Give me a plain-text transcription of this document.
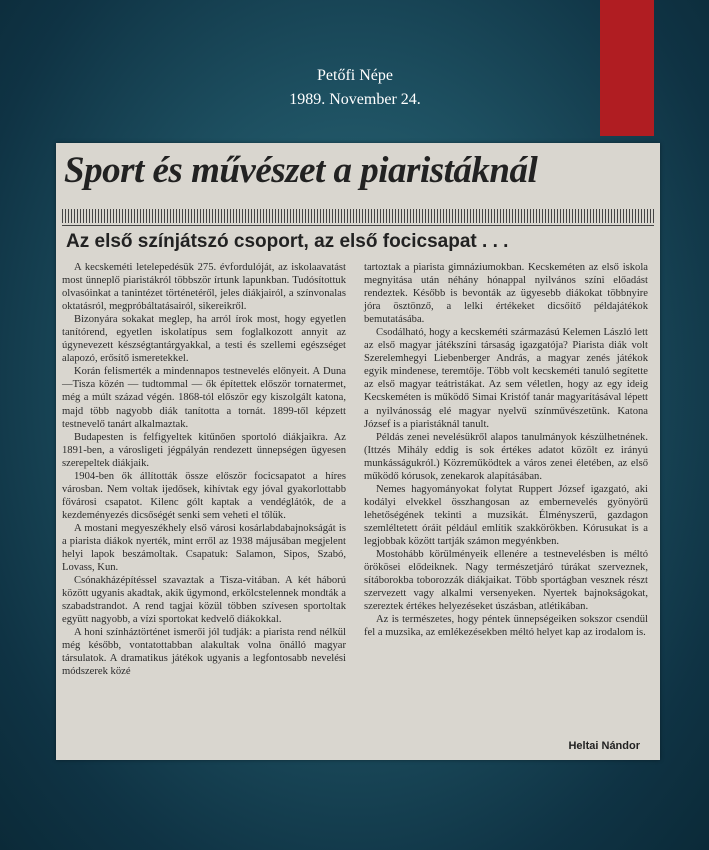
Petőfi Népe
1989. November 24.
Sport és művészet a piaristáknál
Az első színjátszó csoport, az első focicsapat . . .

A kecskeméti letelepedésük 275. évfordulóját, az iskolaavatást most ünneplő piaristákról többször írtunk lapunkban. Tudósítottuk olvasóinkat a tanintézet történetéről, jeles diákjairól, a színvonalas oktatásról, megpróbáltatásairól, sikereikről.

Bizonyára sokakat meglep, ha arról írok most, hogy egyetlen tanítórend, egyetlen iskolatípus sem foglalkozott annyit az úgynevezett készségtantárgyakkal, a testi és szellemi egészséget alapozó, erősítő ismeretekkel.

Korán felismerték a mindennapos testnevelés előnyeit. A Duna—Tisza közén — tudtommal — ők építettek először tornatermet, még a múlt század végén. 1868-tól először egy kiszolgált katona, majd több nagyobb diák tanította a tornát. 1899-től képzett testnevelő tanárt alkalmaztak.

Budapesten is felfigyeltek kitűnően sportoló diákjaikra. Az 1891-ben, a városligeti jégpályán rendezett ünnepségen ügyesen szerepeltek diákjaik.

1904-ben ők állították össze először focicsapatot a híres városban. Nem voltak ijedősek, kihívtak egy jóval gyakorlottabb fővárosi csapatot. Kilenc gólt kaptak a vendéglátók, de a kezdeményezés dicsőségét senki sem veheti el tőlük.

A mostani megyeszékhely első városi kosárlabdabajnokságát is a piarista diákok nyerték, mint erről az 1938 májusában megjelent helyi lapok beszámoltak. Csapatuk: Salamon, Sipos, Szabó, Lovass, Kun.

Csónakházépítéssel szavaztak a Tisza-vitában. A két háború között ugyanis akadtak, akik ügymond, erkölcstelennek mondták a szabadstrandot. A rend tagjai közül többen szívesen sportoltak együtt nagyobb, a vízi sportokat kedvelő diákokkal.

A honi színháztörténet ismerői jól tudják: a piarista rend nélkül még később, vontatottabban alakultak volna önálló magyar társulatok. A dramatikus játékok ugyanis a legfontosabb nevelési módszerek közé

tartoztak a piarista gimnáziumokban. Kecskeméten az első iskola megnyitása után néhány hónappal nyilvános színi előadást rendeztek. Később is bevonták az ügyesebb diákokat többnyire jóra ösztönző, a lelki értékeket dicsőítő példajátékok bemutatásába.

Csodálható, hogy a kecskeméti származású Kelemen László lett az első magyar játékszíni társaság igazgatója? Piarista diák volt Szerelemhegyi Liebenberger András, a magyar zenés játékok egyik mindenese, teremtője. Több volt kecskeméti tanuló segítette az első magyar teátristákat. Az sem véletlen, hogy az egy ideig Kecskeméten is működő Simai Kristóf tanár magyarításával lépett a nyilvánosság elé magyar nyelvű színművészetünk. Katona József is a piaristáknál tanult.

Példás zenei nevelésükről alapos tanulmányok készülhetnének. (Ittzés Mihály eddig is sok értékes adatot közölt ez irányú munkásságukról.) Közreműködtek a város zenei életében, az első működő kórusok, zenekarok alapításában.

Nemes hagyományokat folytat Ruppert József igazgató, aki kodályi elvekkel összhangosan az embernevelés gyönyörű lehetőségének tekinti a muzsikát. Élményszerű, gazdagon szemléltetett óráit például említik szakkörökben. Kórusukat is a legjobbak között tartják számon megyénkben.

Mostohább körülményeik ellenére a testnevelésben is méltó örökösei elődeiknek. Nagy természetjáró túrákat szerveznek, sítáborokba toborozzák diákjaikat. Több sportágban vesznek részt szervezett vagy alkalmi versenyeken. Nyertek bajnokságokat, szereztek értékes helyezéseket úszásban, atlétikában.

Az is természetes, hogy péntek ünnepségeiken sokszor csendül fel a muzsika, az emlékezésekben méltó helyet kap az irodalom is.

Heltai Nándor
